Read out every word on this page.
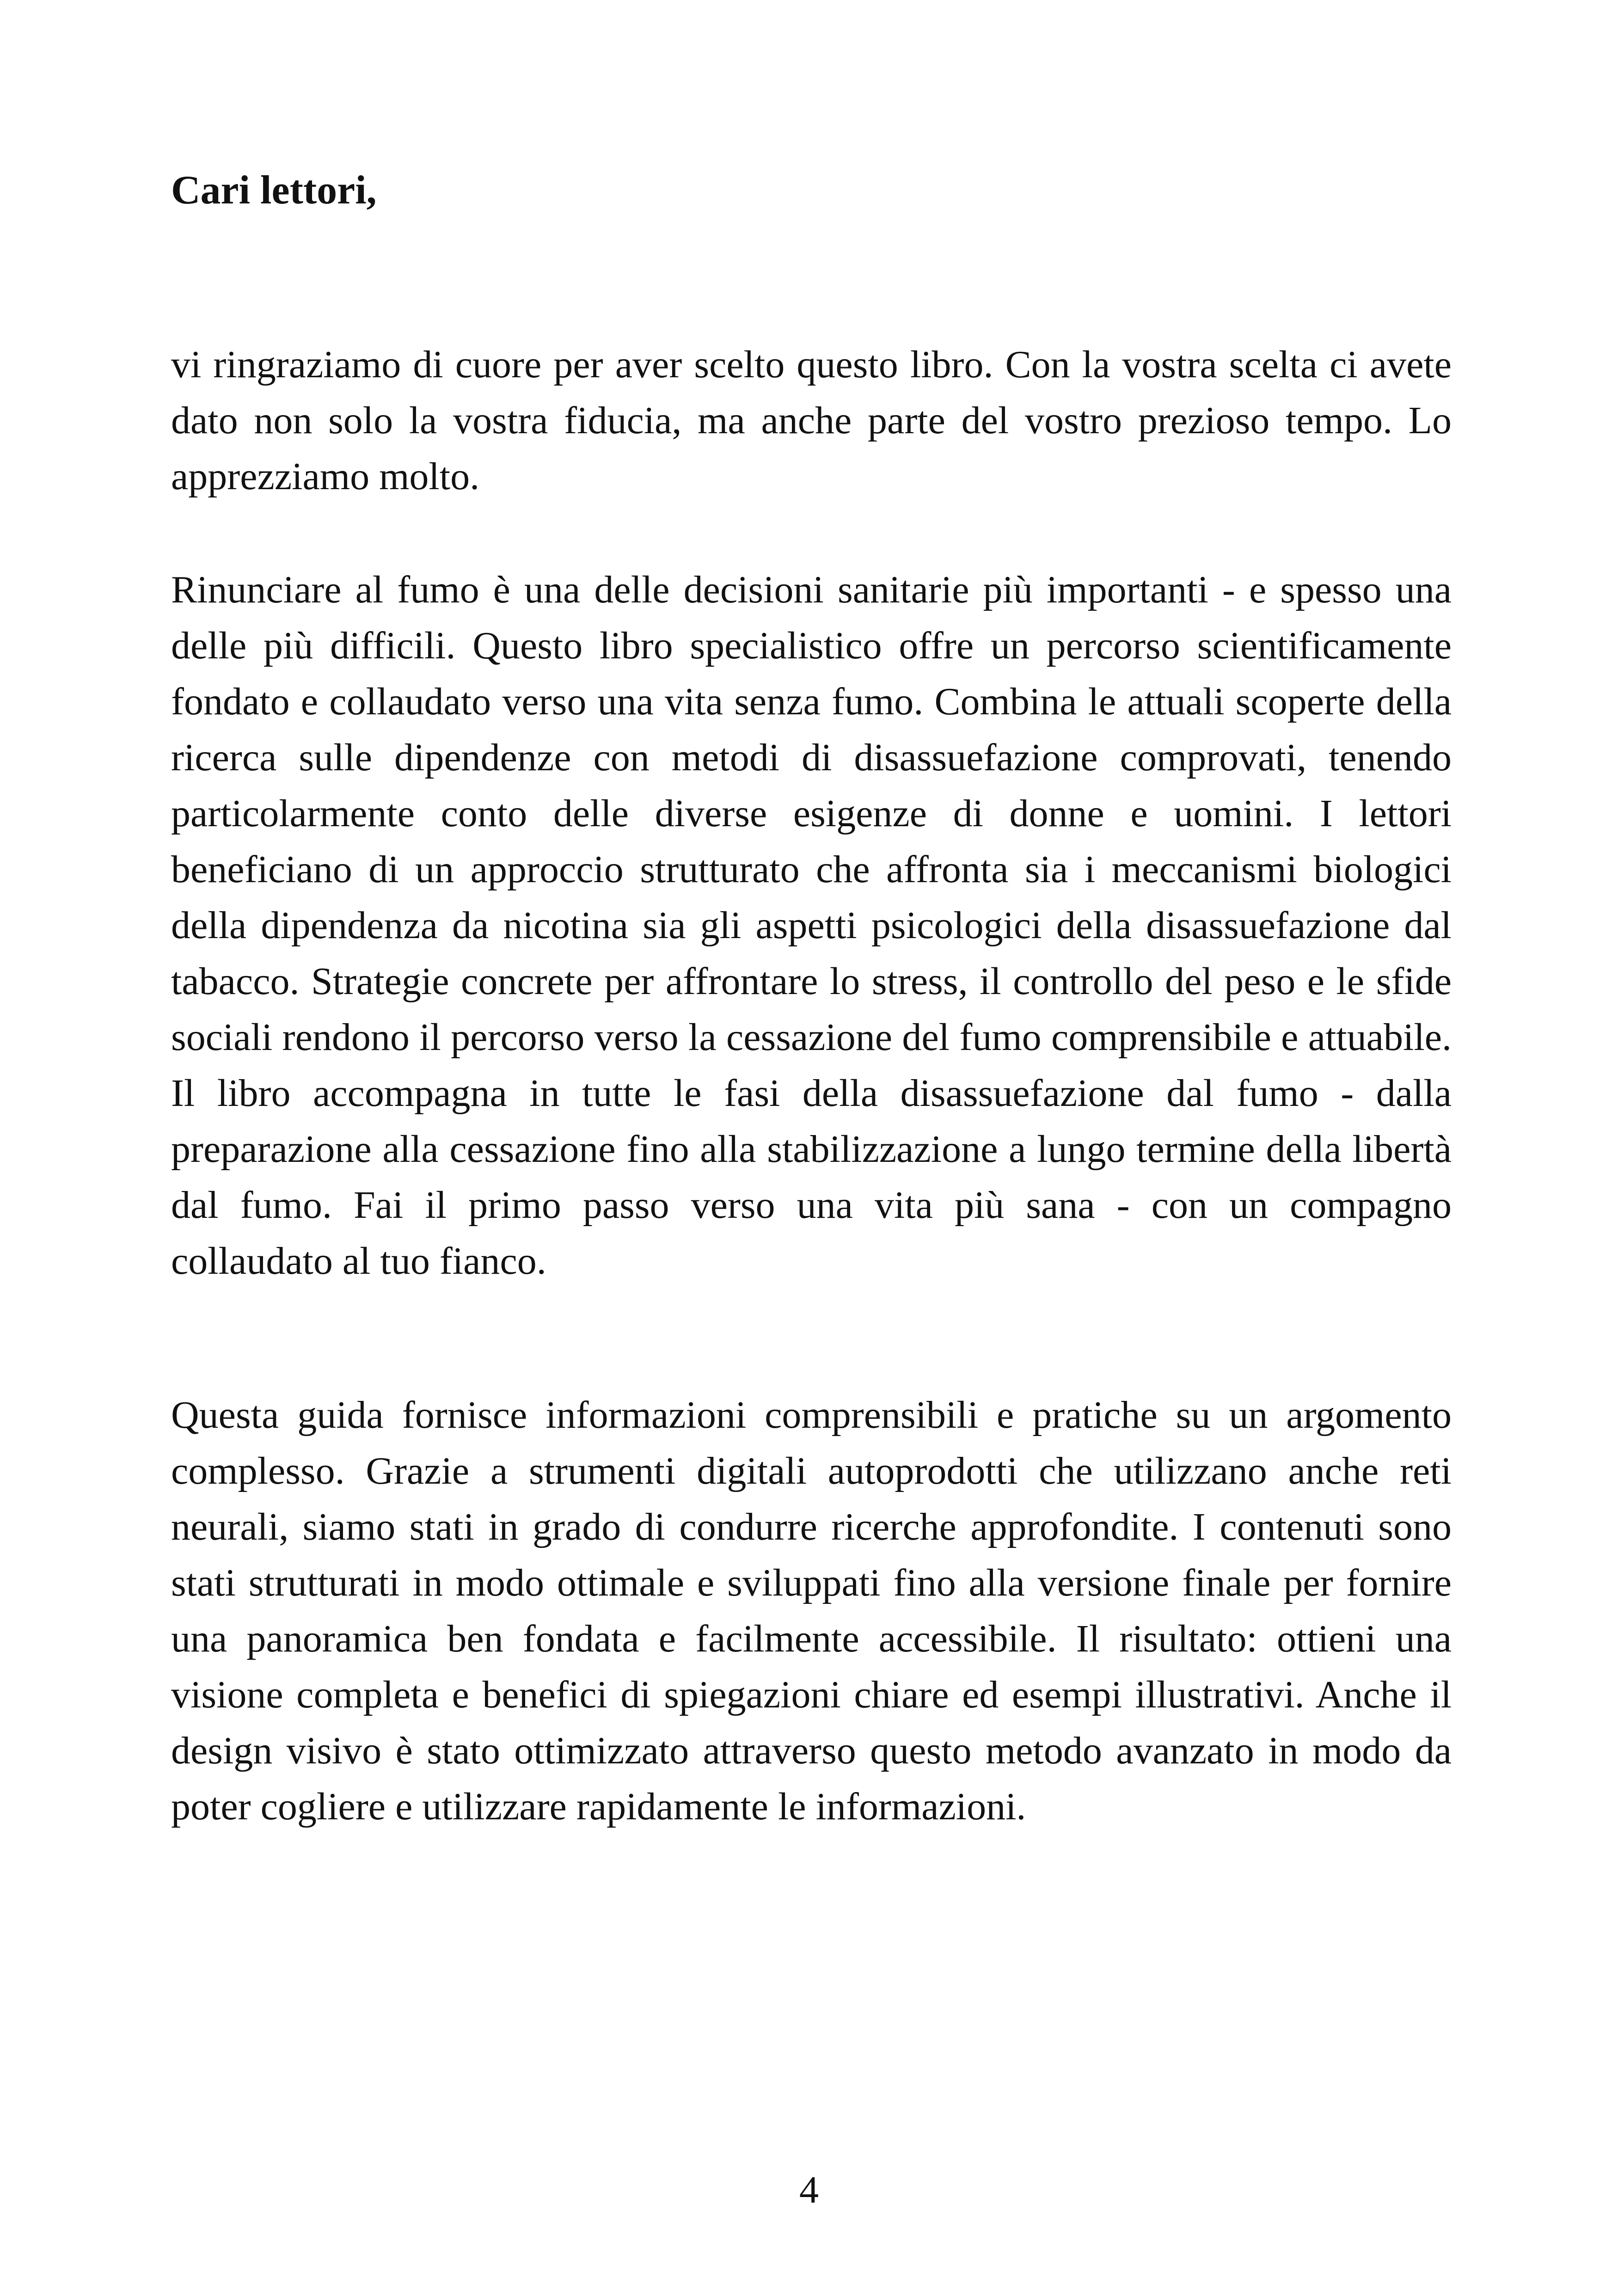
Cari lettori,

vi ringraziamo di cuore per aver scelto questo libro. Con la vostra scelta ci avete dato non solo la vostra fiducia, ma anche parte del vostro prezioso tempo. Lo apprezziamo molto.

Rinunciare al fumo è una delle decisioni sanitarie più importanti - e spesso una delle più difficili. Questo libro specialistico offre un percorso scientificamente fondato e collaudato verso una vita senza fumo. Combina le attuali scoperte della ricerca sulle dipendenze con metodi di disassuefazione comprovati, tenendo particolarmente conto delle diverse esigenze di donne e uomini. I lettori beneficiano di un approccio strutturato che affronta sia i meccanismi biologici della dipendenza da nicotina sia gli aspetti psicologici della disassuefazione dal tabacco. Strategie concrete per affrontare lo stress, il controllo del peso e le sfide sociali rendono il percorso verso la cessazione del fumo comprensibile e attuabile. Il libro accompagna in tutte le fasi della disassuefazione dal fumo - dalla preparazione alla cessazione fino alla stabilizzazione a lungo termine della libertà dal fumo. Fai il primo passo verso una vita più sana - con un compagno collaudato al tuo fianco.

Questa guida fornisce informazioni comprensibili e pratiche su un argomento complesso. Grazie a strumenti digitali autoprodotti che utilizzano anche reti neurali, siamo stati in grado di condurre ricerche approfondite. I contenuti sono stati strutturati in modo ottimale e sviluppati fino alla versione finale per fornire una panoramica ben fondata e facilmente accessibile. Il risultato: ottieni una visione completa e benefici di spiegazioni chiare ed esempi illustrativi. Anche il design visivo è stato ottimizzato attraverso questo metodo avanzato in modo da poter cogliere e utilizzare rapidamente le informazioni.

4
